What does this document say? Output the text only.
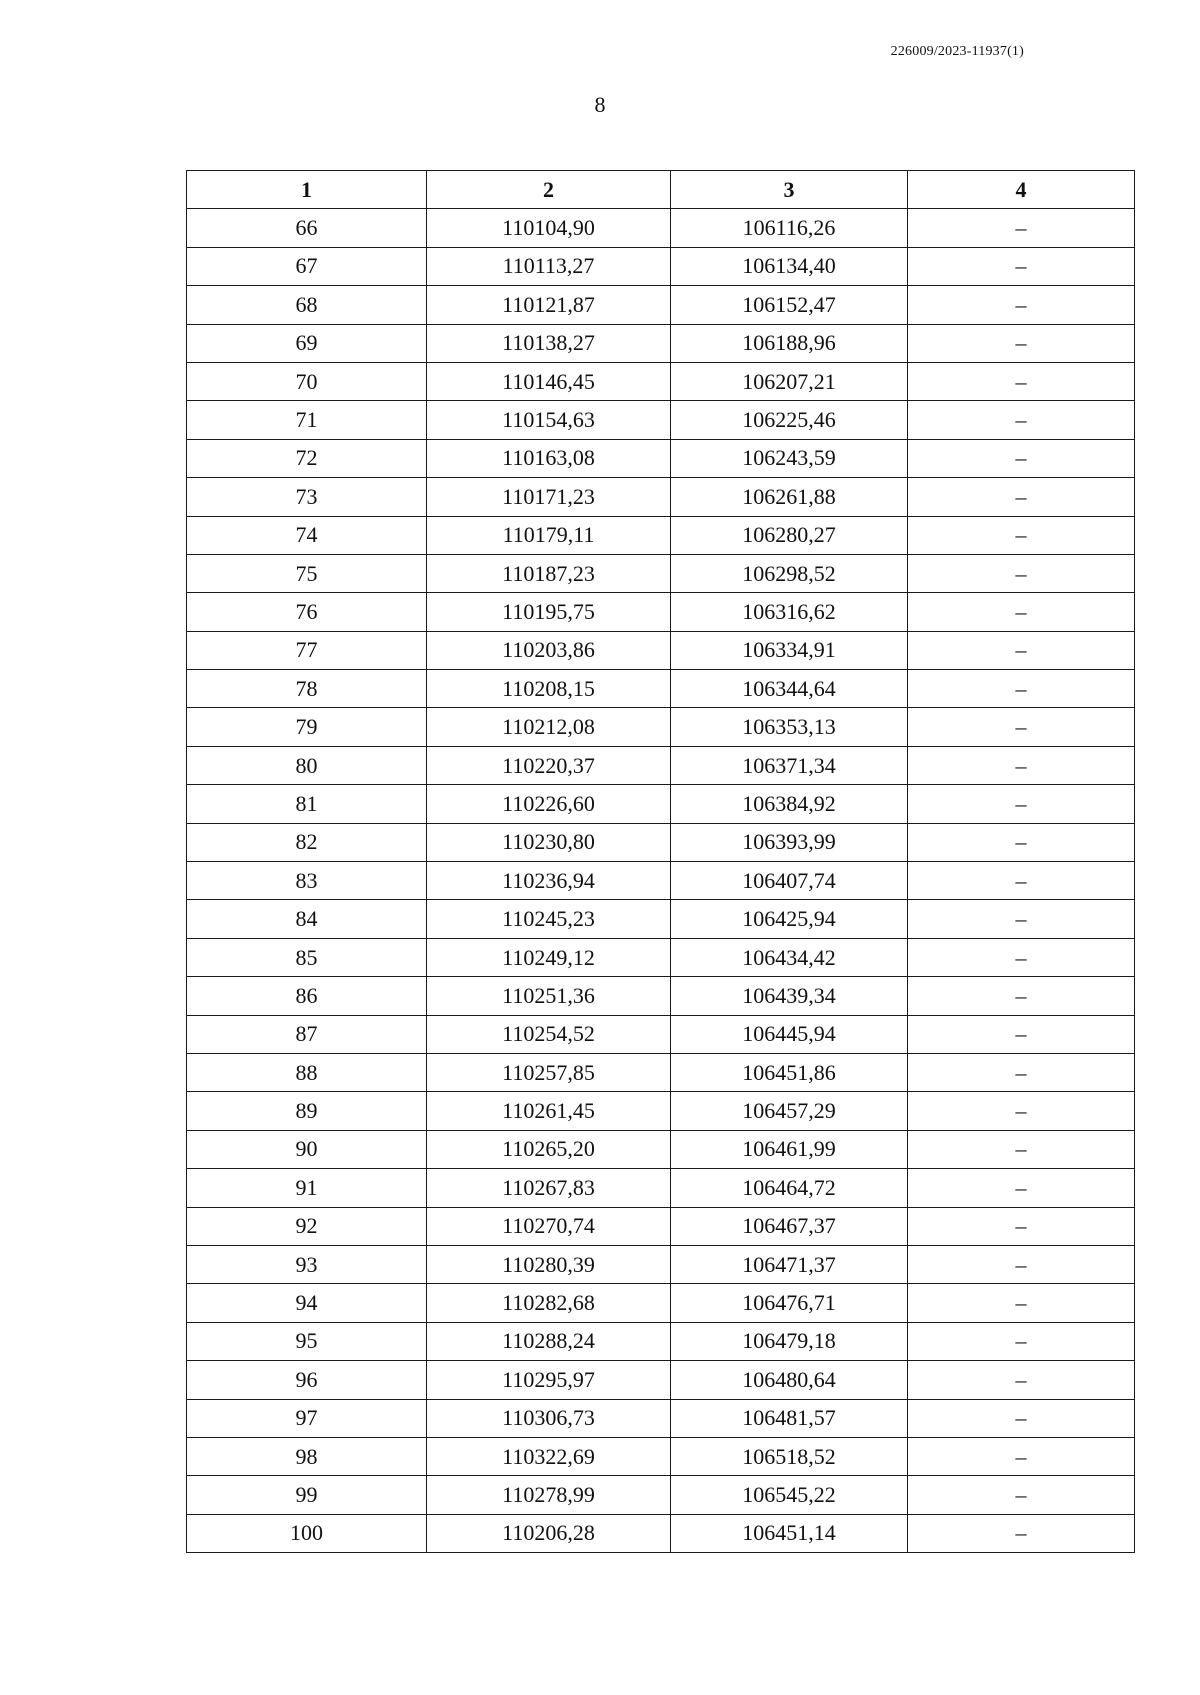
226009/2023-11937(1)
8
1	2	3	4
66	110104,90	106116,26	–
67	110113,27	106134,40	–
68	110121,87	106152,47	–
69	110138,27	106188,96	–
70	110146,45	106207,21	–
71	110154,63	106225,46	–
72	110163,08	106243,59	–
73	110171,23	106261,88	–
74	110179,11	106280,27	–
75	110187,23	106298,52	–
76	110195,75	106316,62	–
77	110203,86	106334,91	–
78	110208,15	106344,64	–
79	110212,08	106353,13	–
80	110220,37	106371,34	–
81	110226,60	106384,92	–
82	110230,80	106393,99	–
83	110236,94	106407,74	–
84	110245,23	106425,94	–
85	110249,12	106434,42	–
86	110251,36	106439,34	–
87	110254,52	106445,94	–
88	110257,85	106451,86	–
89	110261,45	106457,29	–
90	110265,20	106461,99	–
91	110267,83	106464,72	–
92	110270,74	106467,37	–
93	110280,39	106471,37	–
94	110282,68	106476,71	–
95	110288,24	106479,18	–
96	110295,97	106480,64	–
97	110306,73	106481,57	–
98	110322,69	106518,52	–
99	110278,99	106545,22	–
100	110206,28	106451,14	–
